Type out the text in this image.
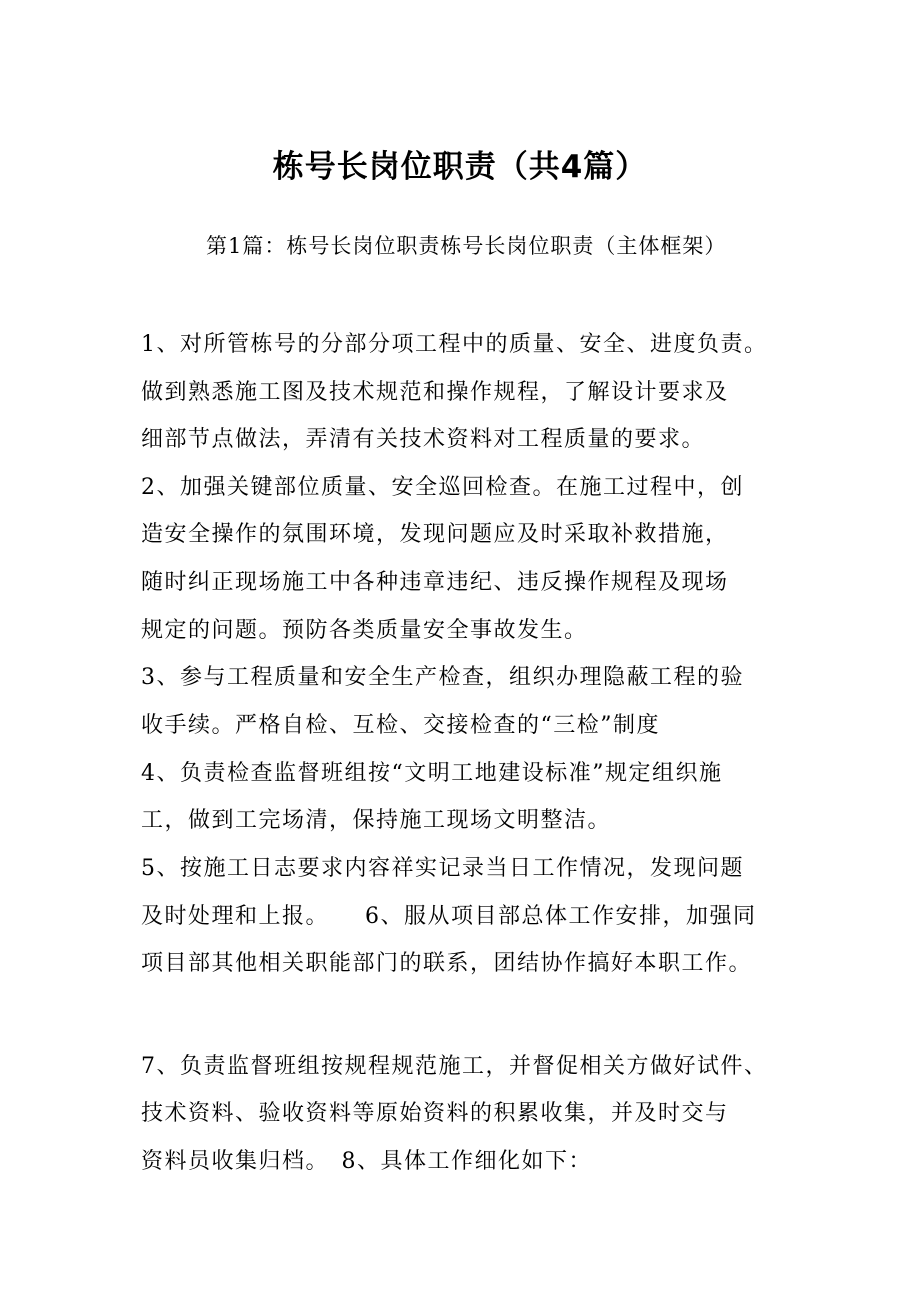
栋号长岗位职责（共4篇）

第1篇：栋号长岗位职责栋号长岗位职责（主体框架）

1、对所管栋号的分部分项工程中的质量、安全、进度负责。

做到熟悉施工图及技术规范和操作规程，了解设计要求及

细部节点做法，弄清有关技术资料对工程质量的要求。

2、加强关键部位质量、安全巡回检查。在施工过程中，创

造安全操作的氛围环境，发现问题应及时采取补救措施，

随时纠正现场施工中各种违章违纪、违反操作规程及现场

规定的问题。预防各类质量安全事故发生。

3、参与工程质量和安全生产检查，组织办理隐蔽工程的验

收手续。严格自检、互检、交接检查的“三检”制度

4、负责检查监督班组按“文明工地建设标准”规定组织施

工，做到工完场清，保持施工现场文明整洁。

5、按施工日志要求内容祥实记录当日工作情况，发现问题

及时处理和上报。　　6、服从项目部总体工作安排，加强同

项目部其他相关职能部门的联系，团结协作搞好本职工作。

7、负责监督班组按规程规范施工，并督促相关方做好试件、

技术资料、验收资料等原始资料的积累收集，并及时交与

资料员收集归档。　8、具体工作细化如下：
